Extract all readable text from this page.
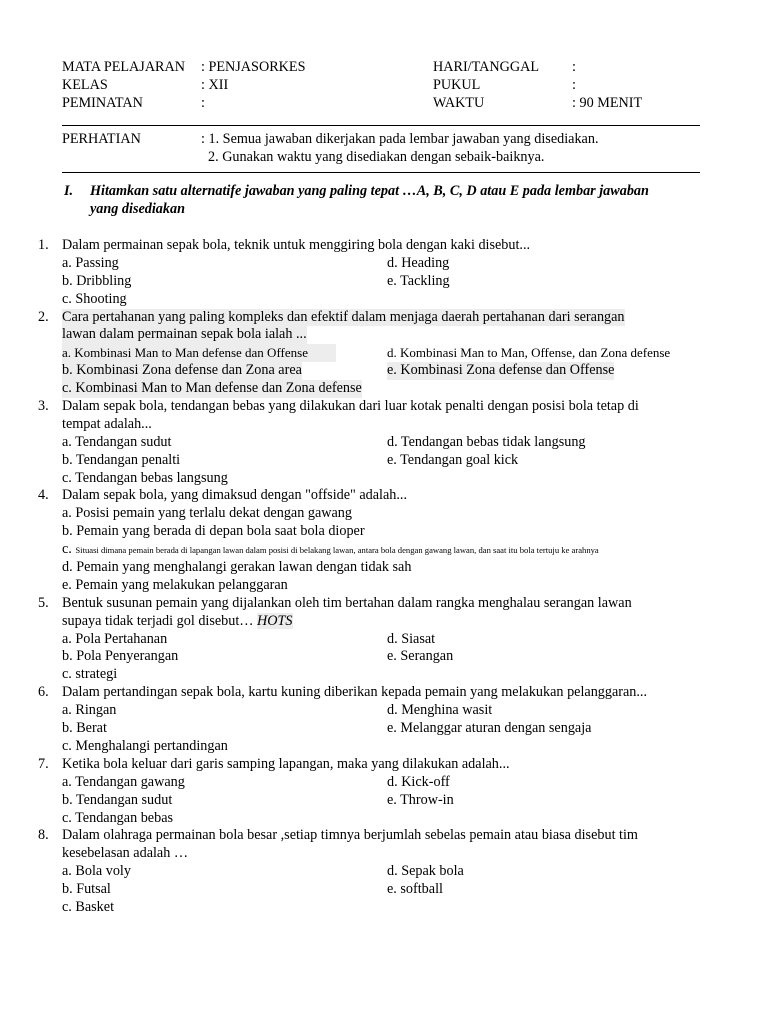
MATA PELAJARAN : PENJASORKES	HARI/TANGGAL :
KELAS	: XII	PUKUL	:
PEMINATAN	:	WAKTU	: 90 MENIT
PERHATIAN	: 1. Semua jawaban dikerjakan pada lembar jawaban yang disediakan.
2. Gunakan waktu yang disediakan dengan sebaik-baiknya.
I. Hitamkan satu alternatife jawaban yang paling tepat …A, B, C, D atau E pada lembar jawaban
yang disediakan
1. Dalam permainan sepak bola, teknik untuk menggiring bola dengan kaki disebut...
a. Passing	d. Heading
b. Dribbling	e. Tackling
c. Shooting
2. Cara pertahanan yang paling kompleks dan efektif dalam menjaga daerah pertahanan dari serangan
lawan dalam permainan sepak bola ialah ...
a. Kombinasi Man to Man defense dan Offense	d. Kombinasi Man to Man, Offense, dan Zona defense
b. Kombinasi Zona defense dan Zona area	e. Kombinasi Zona defense dan Offense
c. Kombinasi Man to Man defense dan Zona defense
3. Dalam sepak bola, tendangan bebas yang dilakukan dari luar kotak penalti dengan posisi bola tetap di
tempat adalah...
a. Tendangan sudut	d. Tendangan bebas tidak langsung
b. Tendangan penalti	e. Tendangan goal kick
c. Tendangan bebas langsung
4. Dalam sepak bola, yang dimaksud dengan "offside" adalah...
a. Posisi pemain yang terlalu dekat dengan gawang
b. Pemain yang berada di depan bola saat bola dioper
c. Situasi dimana pemain berada di lapangan lawan dalam posisi di belakang lawan, antara bola dengan gawang lawan, dan saat itu bola tertuju ke arahnya
d. Pemain yang menghalangi gerakan lawan dengan tidak sah
e. Pemain yang melakukan pelanggaran
5. Bentuk susunan pemain yang dijalankan oleh tim bertahan dalam rangka menghalau serangan lawan
supaya tidak terjadi gol disebut… HOTS
a. Pola Pertahanan	d. Siasat
b. Pola Penyerangan	e. Serangan
c. strategi
6. Dalam pertandingan sepak bola, kartu kuning diberikan kepada pemain yang melakukan pelanggaran...
a. Ringan	d. Menghina wasit
b. Berat	e. Melanggar aturan dengan sengaja
c. Menghalangi pertandingan
7. Ketika bola keluar dari garis samping lapangan, maka yang dilakukan adalah...
a. Tendangan gawang	d. Kick-off
b. Tendangan sudut	e. Throw-in
c. Tendangan bebas
8. Dalam olahraga permainan bola besar ,setiap timnya berjumlah sebelas pemain atau biasa disebut tim
kesebelasan adalah …
a. Bola voly	d. Sepak bola
b. Futsal	e. softball
c. Basket
